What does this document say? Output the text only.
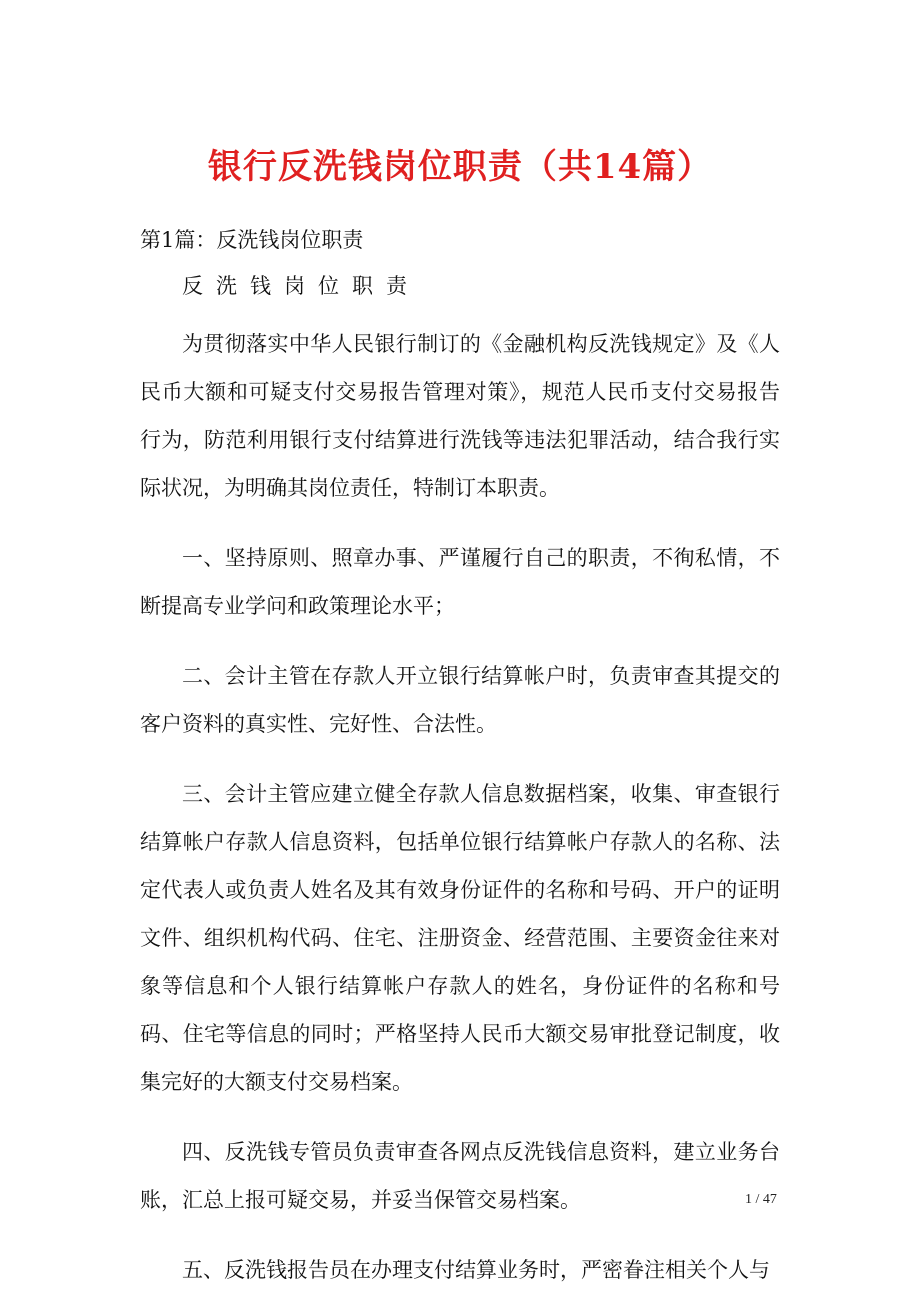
银行反洗钱岗位职责（共14篇）

第1篇：反洗钱岗位职责

反洗钱岗位职责

为贯彻落实中华人民银行制订的《金融机构反洗钱规定》及《人民币大额和可疑支付交易报告管理对策》，规范人民币支付交易报告行为，防范利用银行支付结算进行洗钱等违法犯罪活动，结合我行实际状况，为明确其岗位责任，特制订本职责。

一、坚持原则、照章办事、严谨履行自己的职责，不徇私情，不断提高专业学问和政策理论水平；

二、会计主管在存款人开立银行结算帐户时，负责审查其提交的客户资料的真实性、完好性、合法性。

三、会计主管应建立健全存款人信息数据档案，收集、审查银行结算帐户存款人信息资料，包括单位银行结算帐户存款人的名称、法定代表人或负责人姓名及其有效身份证件的名称和号码、开户的证明文件、组织机构代码、住宅、注册资金、经营范围、主要资金往来对象等信息和个人银行结算帐户存款人的姓名，身份证件的名称和号码、住宅等信息的同时；严格坚持人民币大额交易审批登记制度，收集完好的大额支付交易档案。

四、反洗钱专管员负责审查各网点反洗钱信息资料，建立业务台账，汇总上报可疑交易，并妥当保管交易档案。

五、反洗钱报告员在办理支付结算业务时，严密眷注相关个人与

1 / 47
